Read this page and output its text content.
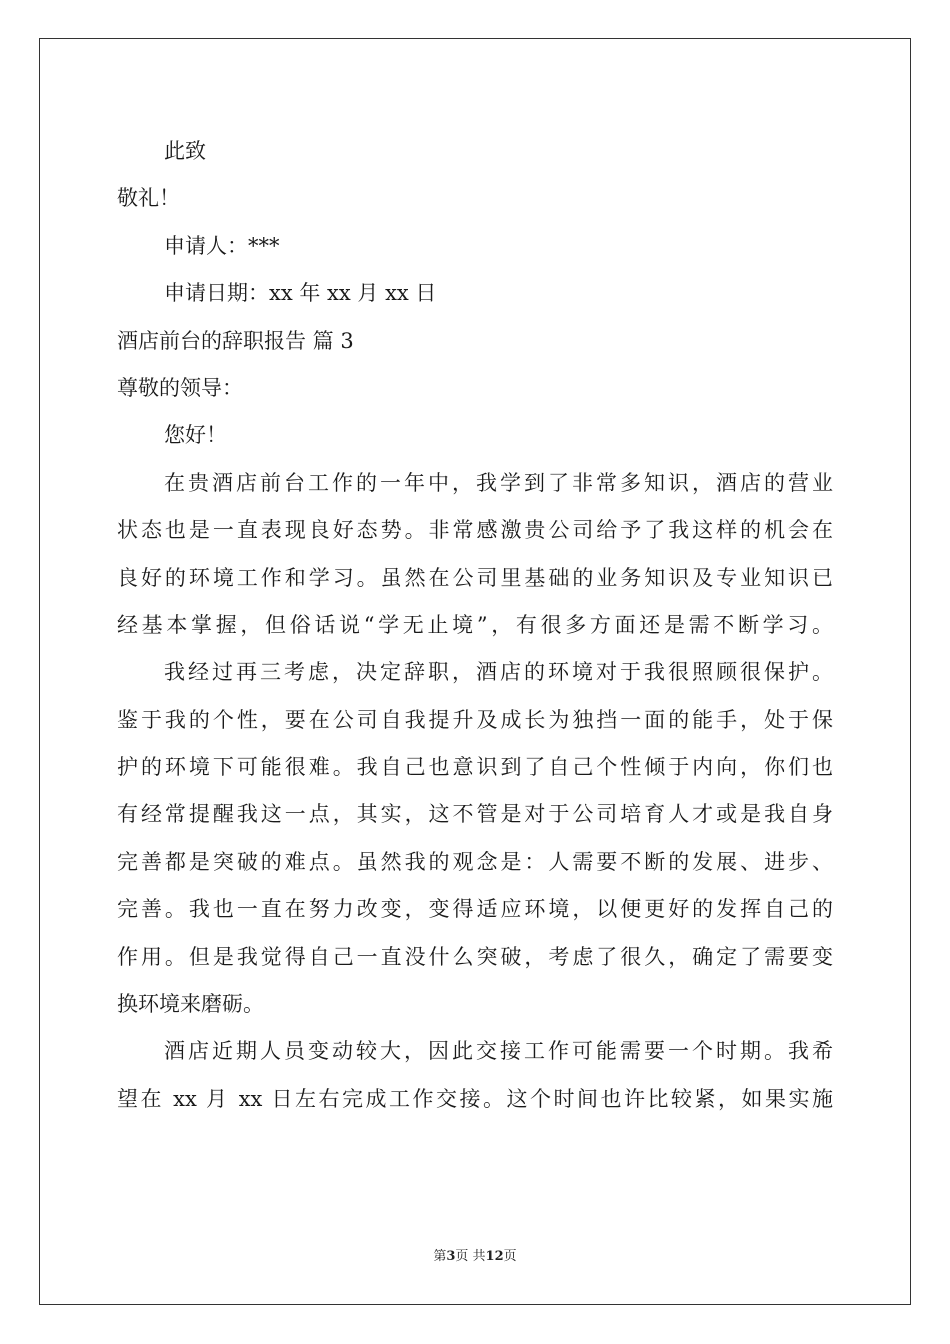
此致
敬礼！
申请人：***
申请日期：xx 年 xx 月 xx 日
酒店前台的辞职报告 篇 3
尊敬的领导：
您好！
在贵酒店前台工作的一年中，我学到了非常多知识，酒店的营业
状态也是一直表现良好态势。非常感激贵公司给予了我这样的机会在
良好的环境工作和学习。虽然在公司里基础的业务知识及专业知识已
经基本掌握，但俗话说“学无止境”，有很多方面还是需不断学习。
我经过再三考虑，决定辞职，酒店的环境对于我很照顾很保护。
鉴于我的个性，要在公司自我提升及成长为独挡一面的能手，处于保
护的环境下可能很难。我自己也意识到了自己个性倾于内向，你们也
有经常提醒我这一点，其实，这不管是对于公司培育人才或是我自身
完善都是突破的难点。虽然我的观念是：人需要不断的发展、进步、
完善。我也一直在努力改变，变得适应环境，以便更好的发挥自己的
作用。但是我觉得自己一直没什么突破，考虑了很久，确定了需要变
换环境来磨砺。
酒店近期人员变动较大，因此交接工作可能需要一个时期。我希
望在 xx 月 xx 日左右完成工作交接。这个时间也许比较紧，如果实施
第3页 共12页
